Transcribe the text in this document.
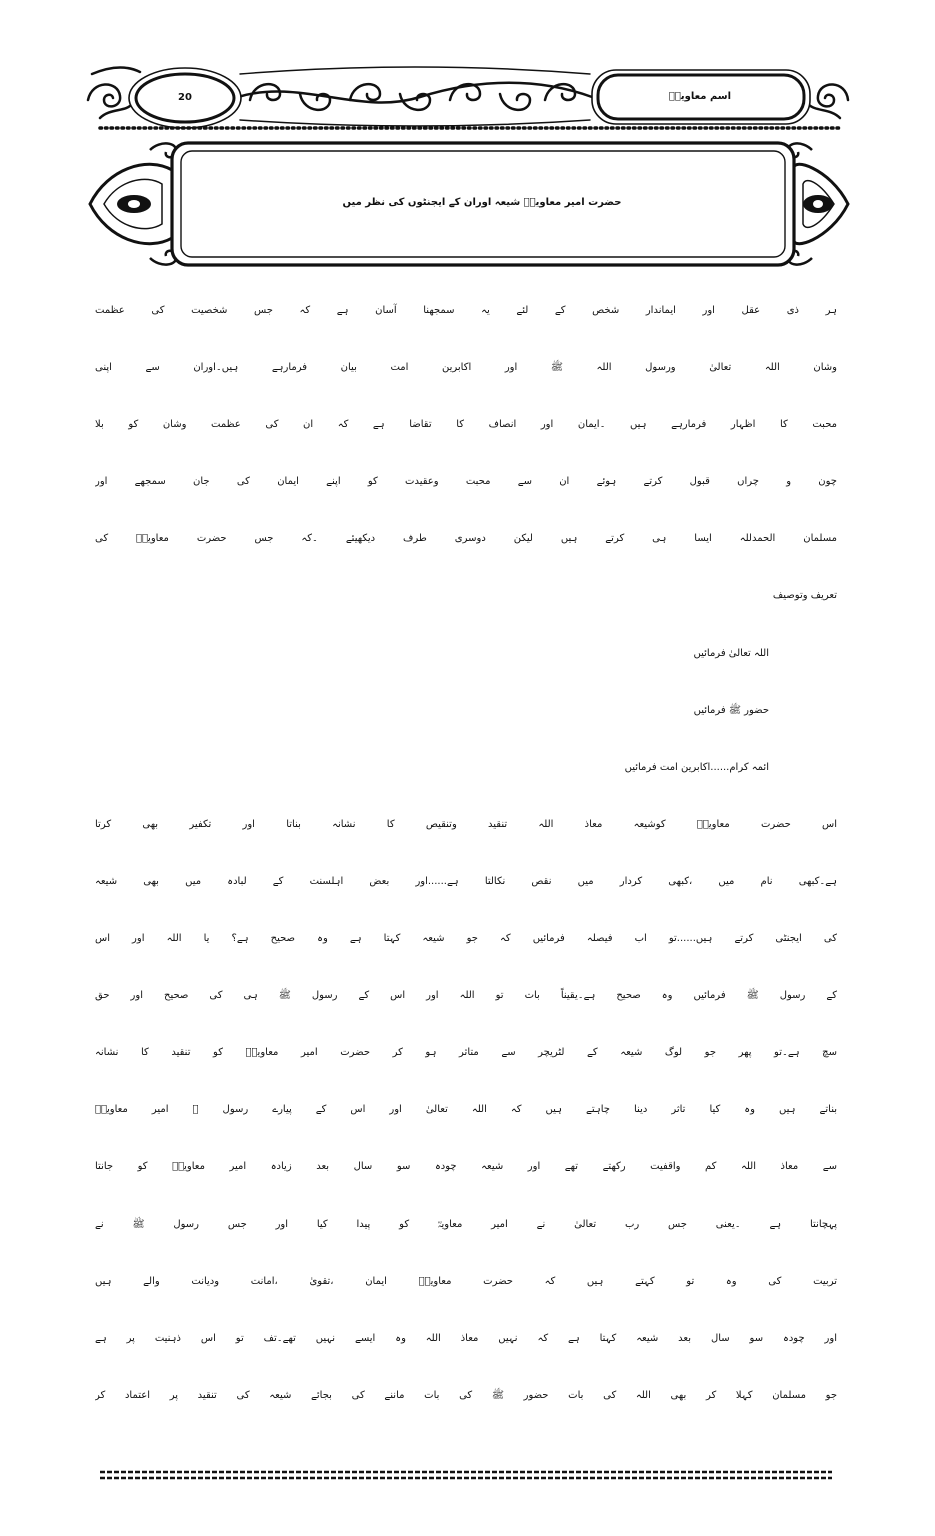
20	اسم معاویہؓ
حضرت امیر معاویہؓ شیعہ اوران کے ایجنٹوں کی نظر میں
ہر ذی عقل اور ایماندار شخص کے لئے یہ سمجھنا آسان ہے کہ جس شخصیت کی عظمت
وشان اللہ تعالیٰ ورسول اللہ ﷺ اور اکابرین امت بیان فرمارہے ہیں۔اوران سے اپنی
محبت کا اظہار فرمارہے ہیں ۔ایمان اور انصاف کا تقاضا ہے کہ ان کی عظمت وشان کو بلا
چون و چراں قبول کرتے ہوئے ان سے محبت وعقیدت کو اپنے ایمان کی جان سمجھے اور
مسلمان الحمدللہ ایسا ہی کرتے ہیں لیکن دوسری طرف دیکھیئے ۔کہ جس حضرت معاویہؓ کی
تعریف وتوصیف
اللہ تعالیٰ فرمائیں
حضور ﷺ فرمائیں
ائمہ کرام......اکابرین امت فرمائیں
اس حضرت معاویہؓ کوشیعہ معاذ اللہ تنقید وتنقیص کا نشانہ بناتا اور تکفیر بھی کرتا
ہے۔کبھی نام میں ،کبھی کردار میں نقص نکالتا ہے......اور بعض اہلسنت کے لبادہ میں بھی شیعہ
کی ایجنٹی کرتے ہیں......تو اب فیصلہ فرمائیں کہ جو شیعہ کہتا ہے وہ صحیح ہے؟ یا اللہ اور اس
کے رسول ﷺ فرمائیں وہ صحیح ہے۔یقیناً بات تو اللہ اور اس کے رسول ﷺ ہی کی صحیح اور حق
سچ ہے۔تو پھر جو لوگ شیعہ کے لٹریچر سے متاثر ہو کر حضرت امیر معاویہؓ کو تنقید کا نشانہ
بناتے ہیں وہ کیا تاثر دینا چاہتے ہیں کہ اللہ تعالیٰ اور اس کے پیارے رسول ﷺ امیر معاویہؓ
سے معاذ اللہ کم واقفیت رکھتے تھے اور شیعہ چودہ سو سال بعد زیادہ امیر معاویہؓ کو جانتا
پہچانتا ہے ۔یعنی جس رب تعالیٰ نے امیر معاویہؓ کو پیدا کیا اور جس رسول ﷺ نے
تربیت کی وہ تو کہتے ہیں کہ حضرت معاویہؓ ایمان ،تقویٰ ،امانت ودیانت والے ہیں
اور چودہ سو سال بعد شیعہ کہتا ہے کہ نہیں معاذ اللہ وہ ایسے نہیں تھے۔تف تو اس ذہنیت پر ہے
جو مسلمان کہلا کر بھی اللہ کی بات حضور ﷺ کی بات ماننے کی بجائے شیعہ کی تنقید پر اعتماد کر
